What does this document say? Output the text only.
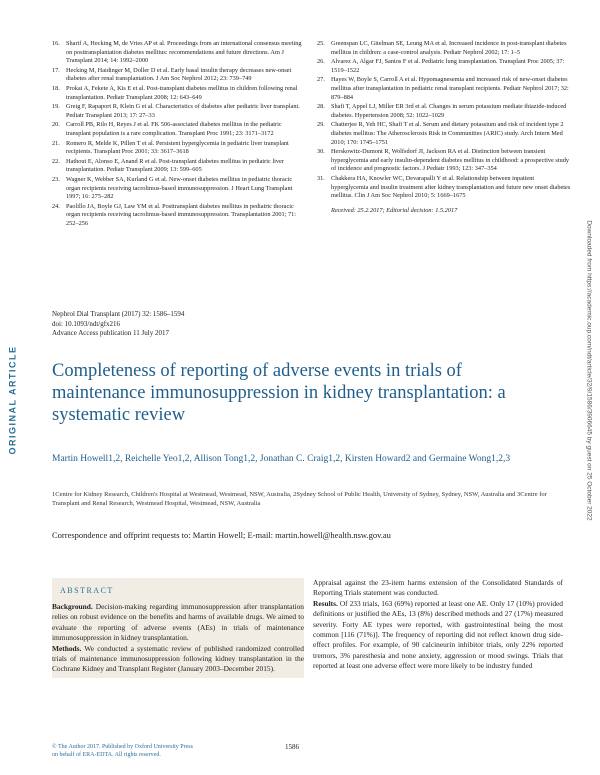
16. Sharif A, Hecking M, de Vries AP et al. Proceedings from an international consensus meeting on posttransplantation diabetes mellitus: recommendations and future directions. Am J Transplant 2014; 14: 1992–2000
17. Hecking M, Haidinger M, Doller D et al. Early basal insulin therapy decreases new-onset diabetes after renal transplantation. J Am Soc Nephrol 2012; 23: 739–749
18. Prokai A, Fekete A, Kis E et al. Post-transplant diabetes mellitus in children following renal transplantation. Pediatr Transplant 2008; 12: 643–649
19. Greig F, Rapaport R, Klein G et al. Characteristics of diabetes after pediatric liver transplant. Pediatr Transplant 2013; 17: 27–33
20. Carroll PB, Rilo H, Reyes J et al. FK 506-associated diabetes mellitus in the pediatric transplant population is a rare complication. Transplant Proc 1991; 23: 3171–3172
21. Romero R, Melde K, Pillen T et al. Persistent hyperglycemia in pediatric liver transplant recipients. Transplant Proc 2001; 33: 3617–3618
22. Hathout E, Alonso E, Anand R et al. Post-transplant diabetes mellitus in pediatric liver transplantation. Pediatr Transplant 2009; 13: 599–605
23. Wagner K, Webber SA, Kurland G et al. New-onset diabetes mellitus in pediatric thoracic organ recipients receiving tacrolimus-based immunosuppression. J Heart Lung Transplant 1997; 16: 275–282
24. Paolillo JA, Boyle GJ, Law YM et al. Posttransplant diabetes mellitus in pediatric thoracic organ recipients receiving tacrolimus-based immunosuppression. Transplantation 2001; 71: 252–256
25. Greenspan LC, Gitelman SE, Leung MA et al. Increased incidence in post-transplant diabetes mellitus in children: a case-control analysis. Pediatr Nephrol 2002; 17: 1–5
26. Alvarez A, Algar FJ, Santos F et al. Pediatric lung transplantation. Transplant Proc 2005; 37: 1519–1522
27. Hayes W, Boyle S, Carroll A et al. Hypomagnesemia and increased risk of new-onset diabetes mellitus after transplantation in pediatric renal transplant recipients. Pediatr Nephrol 2017; 32: 879–884
28. Shafi T, Appel LJ, Miller ER 3rd et al. Changes in serum potassium mediate thiazide-induced diabetes. Hypertension 2008; 52: 1022–1029
29. Chatterjee R, Yeh HC, Shafi T et al. Serum and dietary potassium and risk of incident type 2 diabetes mellitus: The Atherosclerosis Risk in Communities (ARIC) study. Arch Intern Med 2010; 170: 1745–1751
30. Herskowitz-Dumont R, Wolfsdorf JI, Jackson RA et al. Distinction between transient hyperglycemia and early insulin-dependent diabetes mellitus in childhood: a prospective study of incidence and prognostic factors. J Pediatr 1993; 123: 347–354
31. Chakkera HA, Knowler WC, Devarapalli Y et al. Relationship between inpatient hyperglycemia and insulin treatment after kidney transplantation and future new onset diabetes mellitus. Clin J Am Soc Nephrol 2010; 5: 1669–1675
Received: 25.2.2017; Editorial decision: 1.5.2017
ORIGINAL ARTICLE	Downloaded from https://academic.oup.com/ndt/article/32/9/1586/3906645 by guest on 25 October 2022
Nephrol Dial Transplant (2017) 32: 1586–1594
doi: 10.1093/ndt/gfx216
Advance Access publication 11 July 2017
Completeness of reporting of adverse events in trials of maintenance immunosuppression in kidney transplantation: a systematic review
Martin Howell1,2, Reichelle Yeo1,2, Allison Tong1,2, Jonathan C. Craig1,2, Kirsten Howard2 and Germaine Wong1,2,3
1Centre for Kidney Research, Children's Hospital at Westmead, Westmead, NSW, Australia, 2Sydney School of Public Health, University of Sydney, Sydney, NSW, Australia and 3Centre for Transplant and Renal Research, Westmead Hospital, Westmead, NSW, Australia
Correspondence and offprint requests to: Martin Howell; E-mail: martin.howell@health.nsw.gov.au
ABSTRACT

Background. Decision-making regarding immunosuppression after transplantation relies on robust evidence on the benefits and harms of available drugs. We aimed to evaluate the reporting of adverse events (AEs) in trials of maintenance immunosuppression in kidney transplantation.

Methods. We conducted a systematic review of published randomized controlled trials of maintenance immunosuppression following kidney transplantation in the Cochrane Kidney and Transplant Register (January 2003–December 2015).

Appraisal against the 23-item harms extension of the Consolidated Standards of Reporting Trials statement was conducted.

Results. Of 233 trials, 163 (69%) reported at least one AE. Only 17 (10%) provided definitions or justified the AEs, 13 (8%) described methods and 27 (17%) measured severity. Forty AE types were reported, with gastrointestinal being the most common [116 (71%)]. The frequency of reporting did not reflect known drug side-effect profiles. For example, of 90 calcineurin inhibitor trials, only 22% reported tremors, 3% paresthesia and none anxiety, aggression or mood swings. Trials that reported at least one adverse effect were more likely to be industry funded

© The Author 2017. Published by Oxford University Press
on behalf of ERA-EDTA. All rights reserved.
1586
